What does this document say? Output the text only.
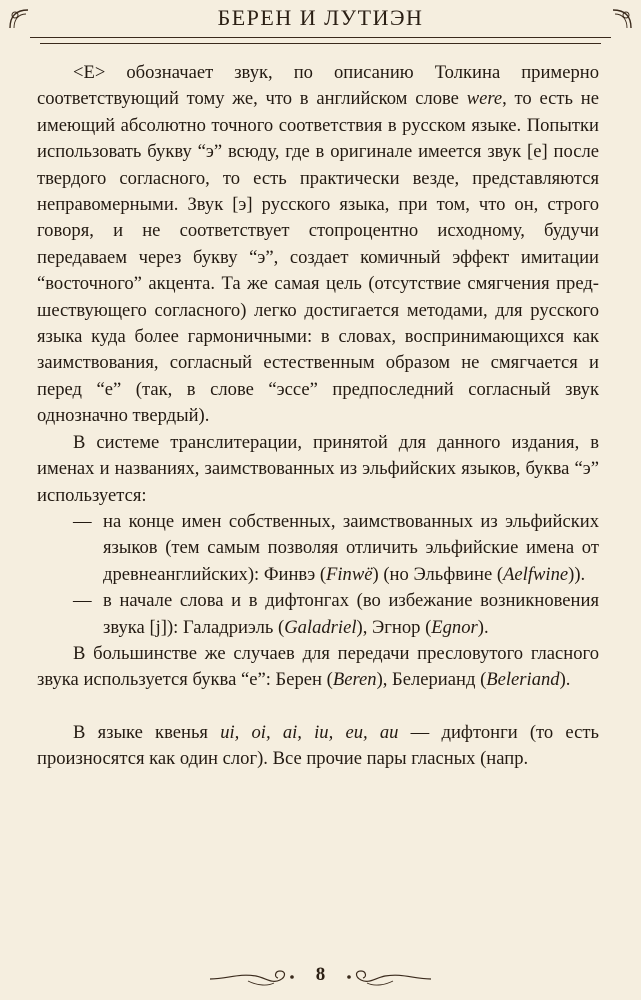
БЕРЕН И ЛУТИЭН

<Е> обозначает звук, по описанию Толкина примерно соответствующий тому же, что в английском слове were, то есть не имеющий абсолютно точного соответствия в русском языке. Попытки использовать букву “э” всюду, где в оригинале имеется звук [e] после твердого согласного, то есть практически везде, представляются неправомерными. Звук [э] русского языка, при том, что он, строго говоря, и не соответствует стопроцентно исходному, будучи передаваем через букву “э”, создает комичный эффект имитации “восточного” акцента. Та же самая цель (отсутствие смягчения предшествующего согласного) легко достигается методами, для русского языка куда более гармоничными: в словах, воспринимающихся как заимствования, согласный естественным образом не смягчается и перед “е” (так, в слове “эссе” предпоследний согласный звук однозначно твердый).

В системе транслитерации, принятой для данного издания, в именах и названиях, заимствованных из эльфийских языков, буква “э” используется:

— на конце имен собственных, заимствованных из эльфийских языков (тем самым позволяя отличить эльфийские имена от древнеанглийских): Финвэ (Finwë) (но Эльфвине (Aelfwine)).
— в начале слова и в дифтонгах (во избежание возникновения звука [j]): Галадриэль (Galadriel), Эгнор (Egnor).

В большинстве же случаев для передачи пресловутого гласного звука используется буква “е”: Берен (Beren), Белерианд (Beleriand).

В языке квенья ui, oi, ai, iu, eu, au — дифтонги (то есть произносятся как один слог). Все прочие пары гласных (напр.

8
